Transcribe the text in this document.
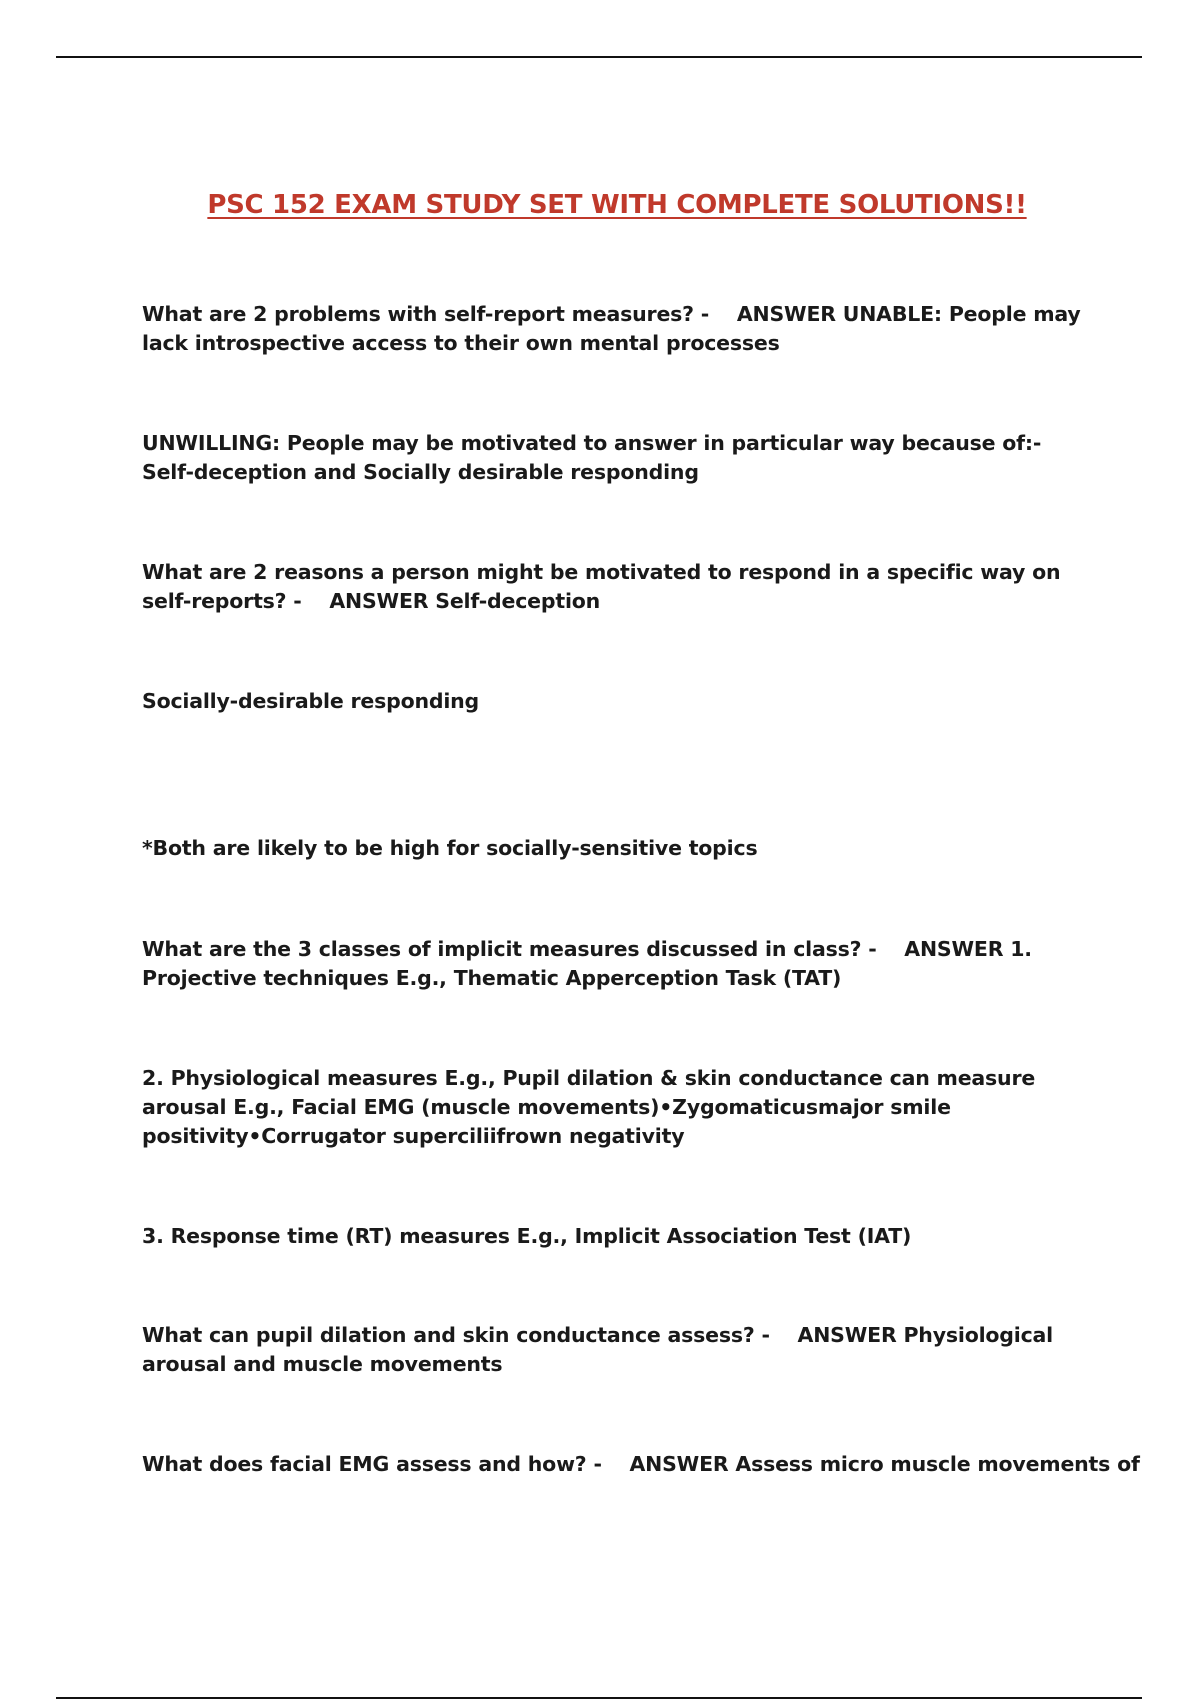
PSC 152 EXAM STUDY SET WITH COMPLETE SOLUTIONS!!
What are 2 problems with self-report measures? -    ANSWER UNABLE: People may lack introspective access to their own mental processes
UNWILLING: People may be motivated to answer in particular way because of:-Self-deception and Socially desirable responding
What are 2 reasons a person might be motivated to respond in a specific way on self-reports? -    ANSWER Self-deception
Socially-desirable responding
*Both are likely to be high for socially-sensitive topics
What are the 3 classes of implicit measures discussed in class? -    ANSWER 1. Projective techniques E.g., Thematic Apperception Task (TAT)
2. Physiological measures E.g., Pupil dilation & skin conductance can measure arousal E.g., Facial EMG (muscle movements)•Zygomaticusmajor smile positivity•Corrugator superciliifrown negativity
3. Response time (RT) measures E.g., Implicit Association Test (IAT)
What can pupil dilation and skin conductance assess? -    ANSWER Physiological arousal and muscle movements
What does facial EMG assess and how? -    ANSWER Assess micro muscle movements of
